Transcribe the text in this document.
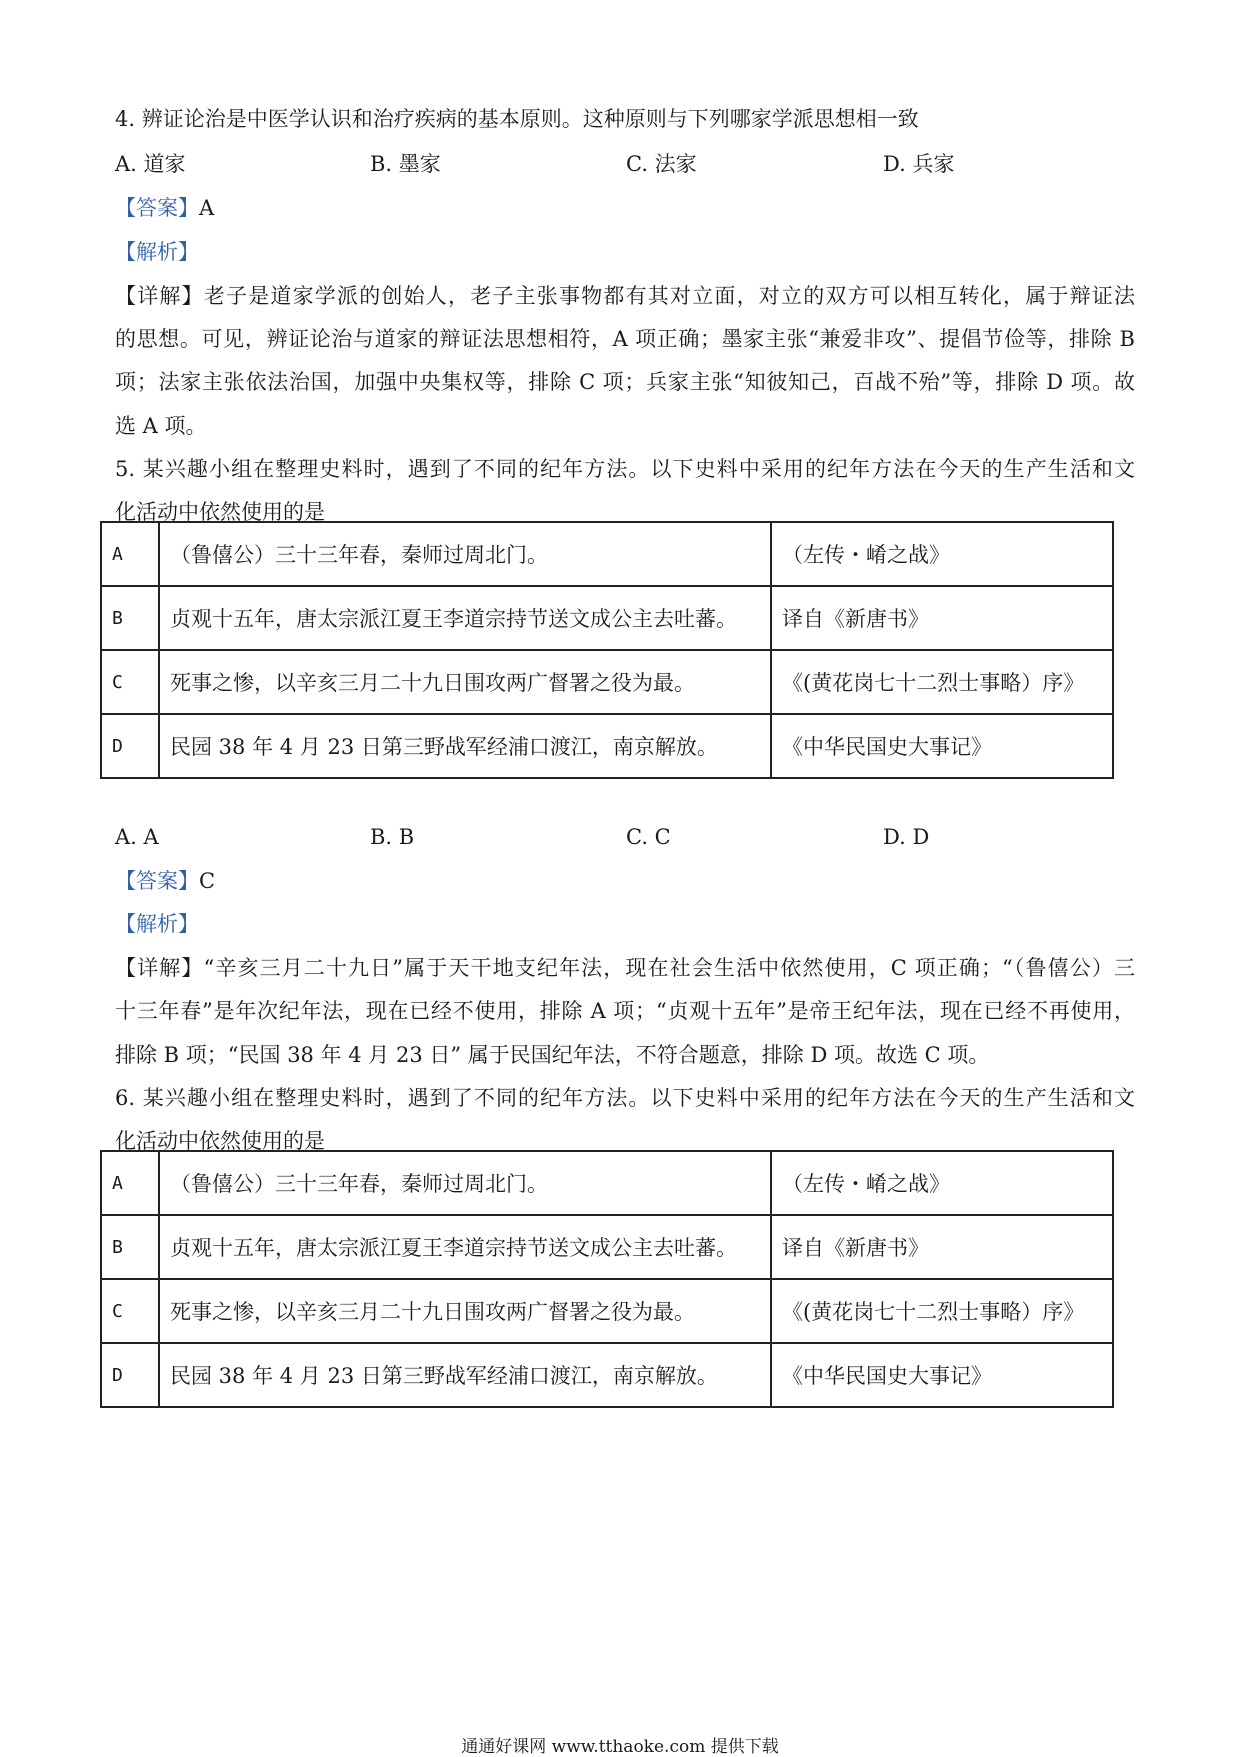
4. 辨证论治是中医学认识和治疗疾病的基本原则。这种原则与下列哪家学派思想相一致
A. 道家	B. 墨家	C. 法家	D. 兵家
【答案】A
【解析】
【详解】老子是道家学派的创始人，老子主张事物都有其对立面，对立的双方可以相互转化，属于辩证法
的思想。可见，辨证论治与道家的辩证法思想相符，A 项正确；墨家主张“兼爱非攻”、提倡节俭等，排除 B
项；法家主张依法治国，加强中央集权等，排除 C 项；兵家主张“知彼知己，百战不殆”等，排除 D 项。故
选 A 项。
5. 某兴趣小组在整理史料时，遇到了不同的纪年方法。以下史料中采用的纪年方法在今天的生产生活和文
化活动中依然使用的是
A	（鲁僖公）三十三年春，秦师过周北门。	（左传・崤之战》
B	贞观十五年，唐太宗派江夏王李道宗持节送文成公主去吐蕃。	译自《新唐书》
C	死事之惨，以辛亥三月二十九日围攻两广督署之役为最。	《(黄花岗七十二烈士事略）序》
D	民园 38 年 4 月 23 日第三野战军经浦口渡江，南京解放。	《中华民国史大事记》
A. A	B. B	C. C	D. D
【答案】C
【解析】
【详解】“辛亥三月二十九日”属于天干地支纪年法，现在社会生活中依然使用，C 项正确；“（鲁僖公）三
十三年春”是年次纪年法，现在已经不使用，排除 A 项；“贞观十五年”是帝王纪年法，现在已经不再使用，
排除 B 项；“民国 38 年 4 月 23 日” 属于民国纪年法，不符合题意，排除 D 项。故选 C 项。
6. 某兴趣小组在整理史料时，遇到了不同的纪年方法。以下史料中采用的纪年方法在今天的生产生活和文
化活动中依然使用的是
A	（鲁僖公）三十三年春，秦师过周北门。	（左传・崤之战》
B	贞观十五年，唐太宗派江夏王李道宗持节送文成公主去吐蕃。	译自《新唐书》
C	死事之惨，以辛亥三月二十九日围攻两广督署之役为最。	《(黄花岗七十二烈士事略）序》
D	民园 38 年 4 月 23 日第三野战军经浦口渡江，南京解放。	《中华民国史大事记》
通通好课网 www.tthaoke.com 提供下载
